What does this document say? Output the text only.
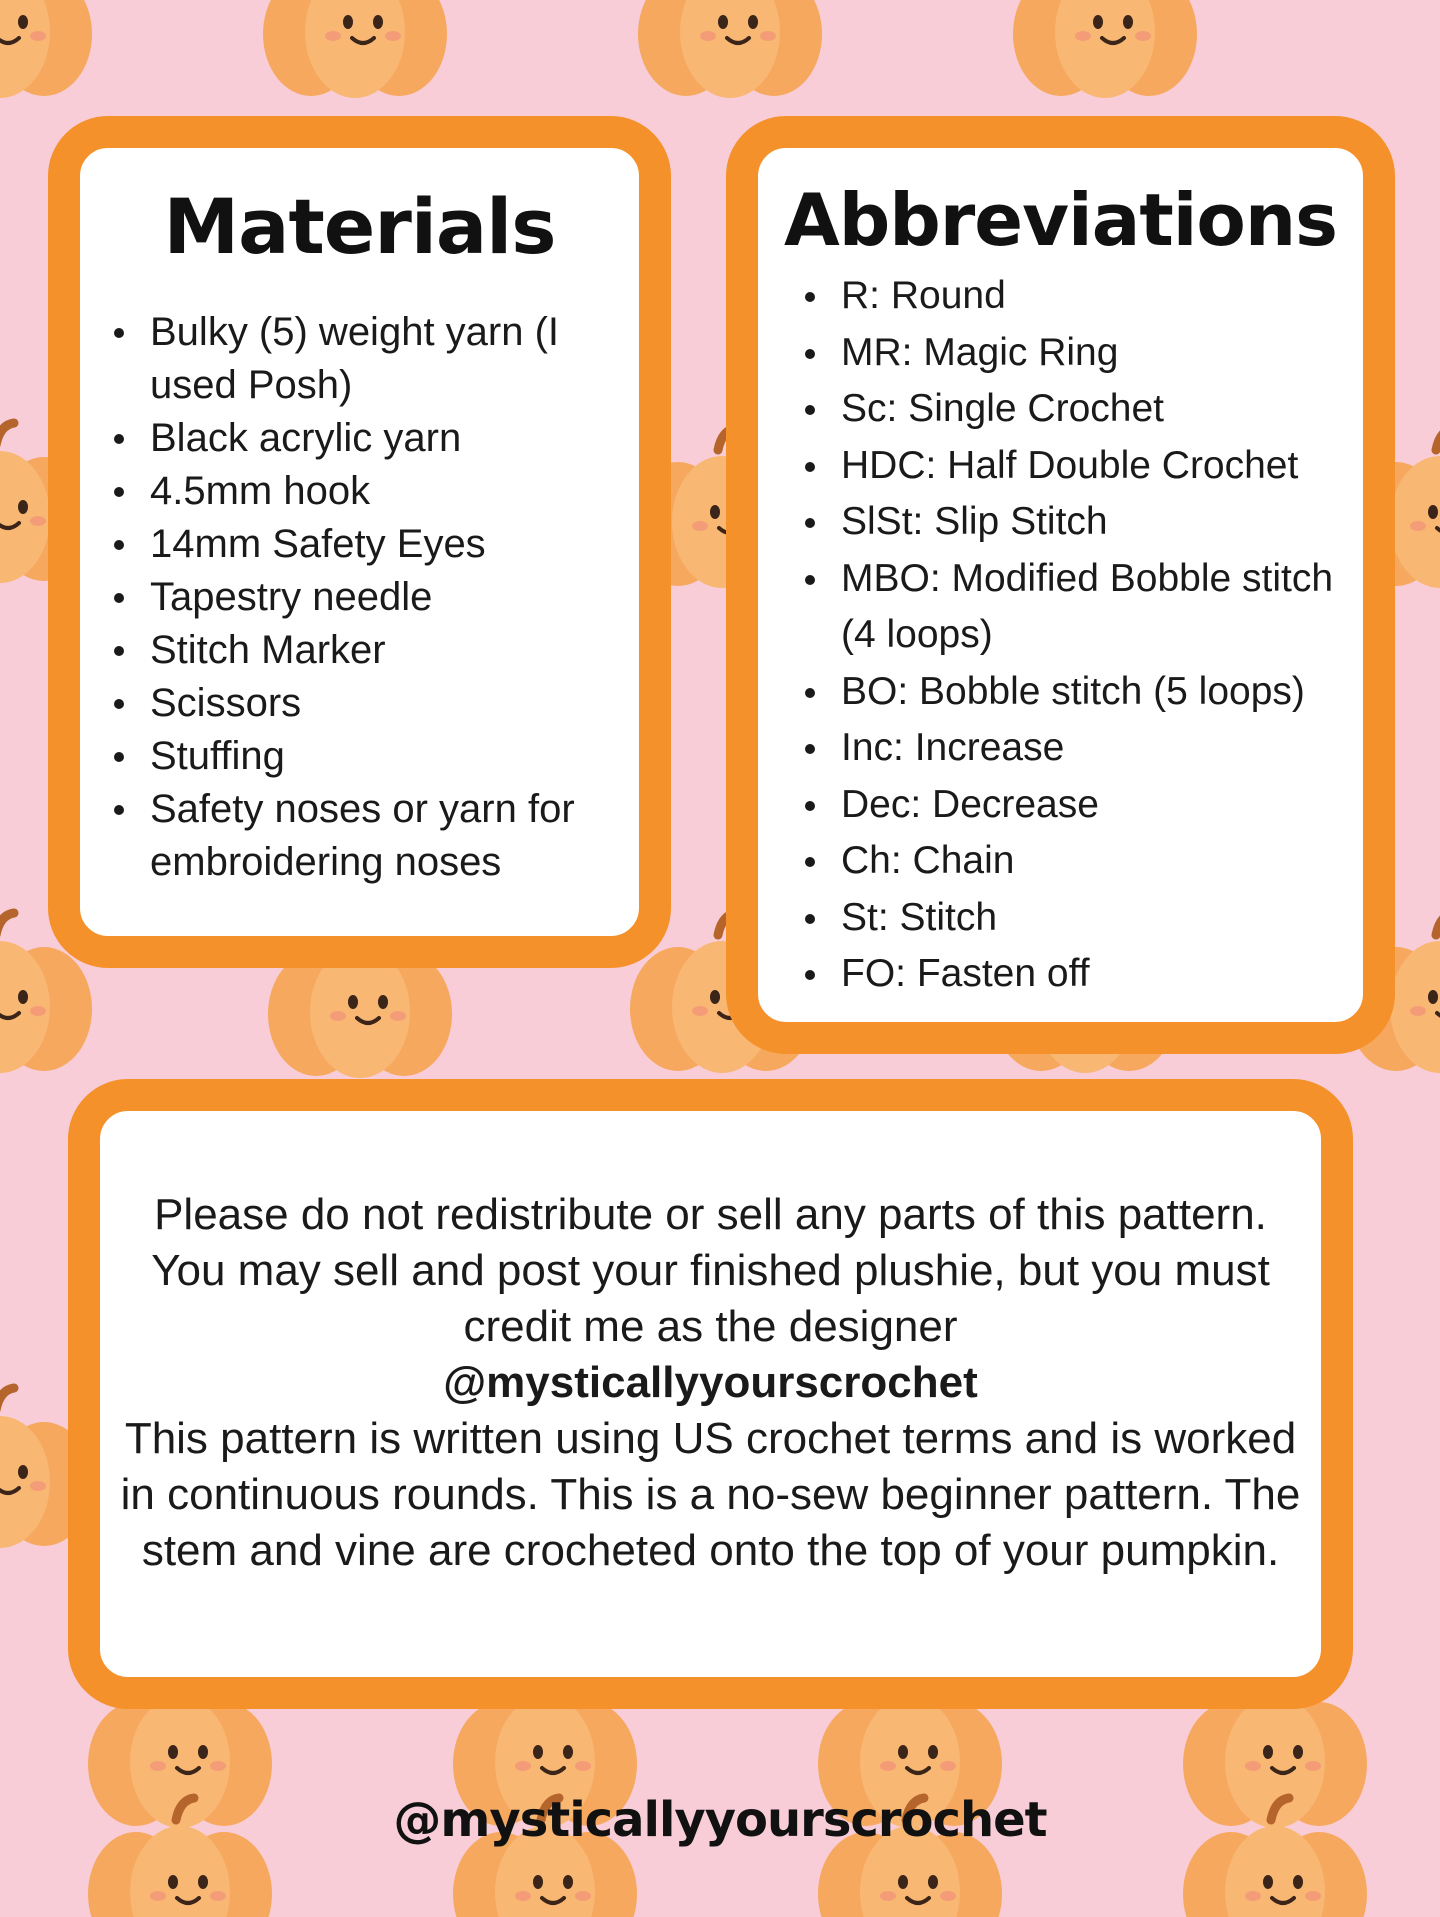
Materials
Bulky (5) weight yarn (I used Posh)
Black acrylic yarn
4.5mm hook
14mm Safety Eyes
Tapestry needle
Stitch Marker
Scissors
Stuffing
Safety noses or yarn for embroidering noses
Abbreviations
R: Round
MR: Magic Ring
Sc: Single Crochet
HDC: Half Double Crochet
SlSt: Slip Stitch
MBO: Modified Bobble stitch (4 loops)
BO: Bobble stitch (5 loops)
Inc: Increase
Dec: Decrease
Ch: Chain
St: Stitch
FO: Fasten off
Please do not redistribute or sell any parts of this pattern. You may sell and post your finished plushie, but you must credit me as the designer
@mysticallyyourscrochet
This pattern is written using US crochet terms and is worked in continuous rounds. This is a no-sew beginner pattern. The stem and vine are crocheted onto the top of your pumpkin.

@mysticallyyourscrochet
